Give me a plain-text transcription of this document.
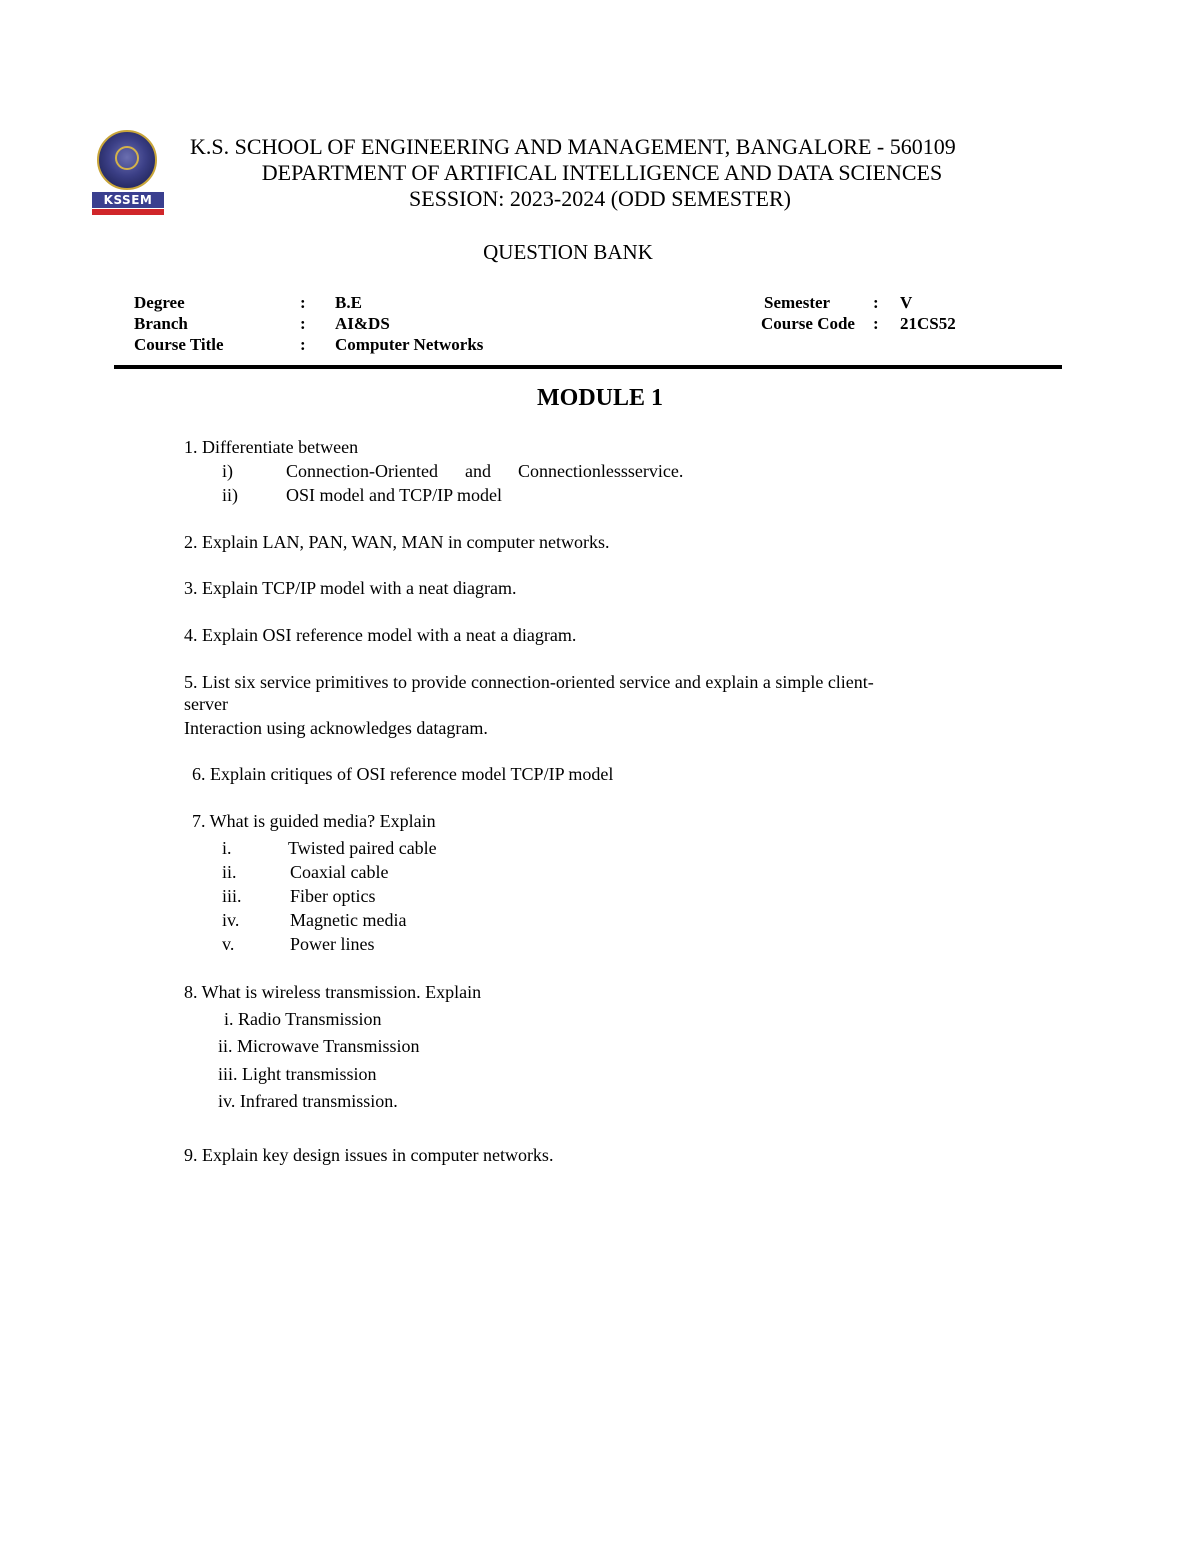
KSSEM
K.S. SCHOOL OF ENGINEERING AND MANAGEMENT, BANGALORE - 560109
DEPARTMENT OF ARTIFICAL INTELLIGENCE AND DATA SCIENCES
SESSION: 2023-2024 (ODD SEMESTER)
QUESTION BANK
Degree	: B.E
Branch	: AI&DS
Course Title	: Computer Networks
Semester	: V
Course Code : 21CS52
MODULE 1
1. Differentiate between
i)	Connection-Oriented      and      Connectionlessservice.
ii)	OSI model and TCP/IP model
2. Explain LAN, PAN, WAN, MAN in computer networks.
3. Explain TCP/IP model with a neat diagram.
4. Explain OSI reference model with a neat a diagram.
5. List six service primitives to provide connection-oriented service and explain a simple client-
server
Interaction using acknowledges datagram.
6. Explain critiques of OSI reference model TCP/IP model
7. What is guided media? Explain
i.	Twisted paired cable
ii.	Coaxial cable
iii.	Fiber optics
iv.	Magnetic media
v.	Power lines
8. What is wireless transmission. Explain
i. Radio Transmission
ii. Microwave Transmission
iii. Light transmission
iv. Infrared transmission.
9. Explain key design issues in computer networks.
